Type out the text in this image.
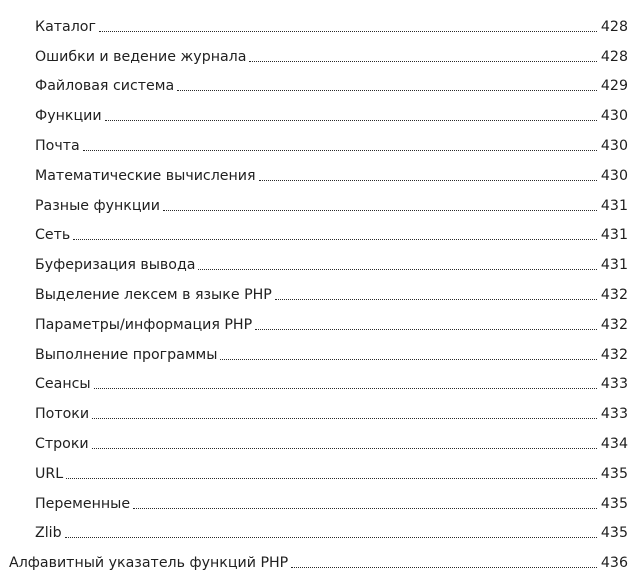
Каталог	428
Ошибки и ведение журнала	428
Файловая система	429
Функции	430
Почта	430
Математические вычисления	430
Разные функции	431
Сеть	431
Буферизация вывода	431
Выделение лексем в языке PHP	432
Параметры/информация PHP	432
Выполнение программы	432
Сеансы	433
Потоки	433
Строки	434
URL	435
Переменные	435
Zlib	435
Алфавитный указатель функций PHP	436
